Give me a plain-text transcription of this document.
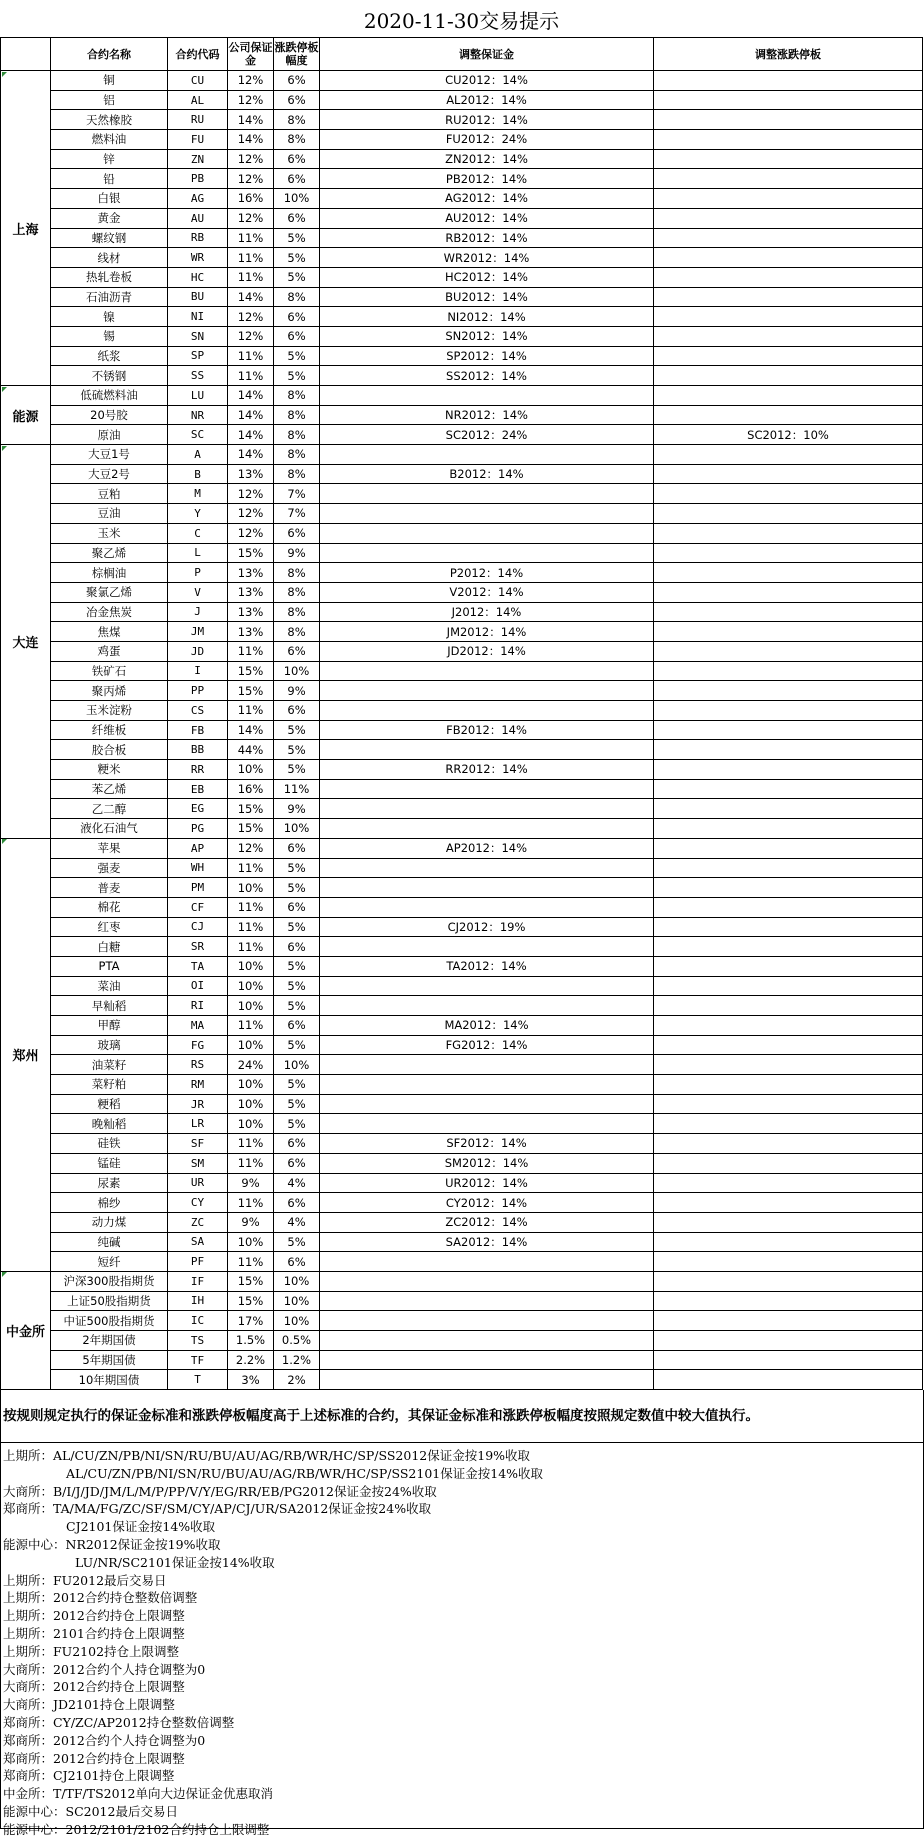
2020-11-30交易提示
	合约名称	合约代码	公司保证金	涨跌停板幅度	调整保证金	调整涨跌停板
上海	铜	CU	12%	6%	CU2012：14%	
	铝	AL	12%	6%	AL2012：14%	
	天然橡胶	RU	14%	8%	RU2012：14%	
	燃料油	FU	14%	8%	FU2012：24%	
	锌	ZN	12%	6%	ZN2012：14%	
	铅	PB	12%	6%	PB2012：14%	
	白银	AG	16%	10%	AG2012：14%	
	黄金	AU	12%	6%	AU2012：14%	
	螺纹钢	RB	11%	5%	RB2012：14%	
	线材	WR	11%	5%	WR2012：14%	
	热轧卷板	HC	11%	5%	HC2012：14%	
	石油沥青	BU	14%	8%	BU2012：14%	
	镍	NI	12%	6%	NI2012：14%	
	锡	SN	12%	6%	SN2012：14%	
	纸浆	SP	11%	5%	SP2012：14%	
	不锈钢	SS	11%	5%	SS2012：14%	
能源	低硫燃料油	LU	14%	8%		
	20号胶	NR	14%	8%	NR2012：14%	
	原油	SC	14%	8%	SC2012：24%	SC2012：10%
大连	大豆1号	A	14%	8%		
	大豆2号	B	13%	8%	B2012：14%	
	豆粕	M	12%	7%		
	豆油	Y	12%	7%		
	玉米	C	12%	6%		
	聚乙烯	L	15%	9%		
	棕榈油	P	13%	8%	P2012：14%	
	聚氯乙烯	V	13%	8%	V2012：14%	
	冶金焦炭	J	13%	8%	J2012：14%	
	焦煤	JM	13%	8%	JM2012：14%	
	鸡蛋	JD	11%	6%	JD2012：14%	
	铁矿石	I	15%	10%		
	聚丙烯	PP	15%	9%		
	玉米淀粉	CS	11%	6%		
	纤维板	FB	14%	5%	FB2012：14%	
	胶合板	BB	44%	5%		
	粳米	RR	10%	5%	RR2012：14%	
	苯乙烯	EB	16%	11%		
	乙二醇	EG	15%	9%		
	液化石油气	PG	15%	10%		
郑州	苹果	AP	12%	6%	AP2012：14%	
	强麦	WH	11%	5%		
	普麦	PM	10%	5%		
	棉花	CF	11%	6%		
	红枣	CJ	11%	5%	CJ2012：19%	
	白糖	SR	11%	6%		
	PTA	TA	10%	5%	TA2012：14%	
	菜油	OI	10%	5%		
	早籼稻	RI	10%	5%		
	甲醇	MA	11%	6%	MA2012：14%	
	玻璃	FG	10%	5%	FG2012：14%	
	油菜籽	RS	24%	10%		
	菜籽粕	RM	10%	5%		
	粳稻	JR	10%	5%		
	晚籼稻	LR	10%	5%		
	硅铁	SF	11%	6%	SF2012：14%	
	锰硅	SM	11%	6%	SM2012：14%	
	尿素	UR	9%	4%	UR2012：14%	
	棉纱	CY	11%	6%	CY2012：14%	
	动力煤	ZC	9%	4%	ZC2012：14%	
	纯碱	SA	10%	5%	SA2012：14%	
	短纤	PF	11%	6%		
中金所	沪深300股指期货	IF	15%	10%		
	上证50股指期货	IH	15%	10%		
	中证500股指期货	IC	17%	10%		
	2年期国债	TS	1.5%	0.5%		
	5年期国债	TF	2.2%	1.2%		
	10年期国债	T	3%	2%		
按规则规定执行的保证金标准和涨跌停板幅度高于上述标准的合约，其保证金标准和涨跌停板幅度按照规定数值中较大值执行。
上期所：AL/CU/ZN/PB/NI/SN/RU/BU/AU/AG/RB/WR/HC/SP/SS2012保证金按19%收取
AL/CU/ZN/PB/NI/SN/RU/BU/AU/AG/RB/WR/HC/SP/SS2101保证金按14%收取
大商所：B/I/J/JD/JM/L/M/P/PP/V/Y/EG/RR/EB/PG2012保证金按24%收取
郑商所：TA/MA/FG/ZC/SF/SM/CY/AP/CJ/UR/SA2012保证金按24%收取
CJ2101保证金按14%收取
能源中心：NR2012保证金按19%收取
LU/NR/SC2101保证金按14%收取
上期所：FU2012最后交易日
上期所：2012合约持仓整数倍调整
上期所：2012合约持仓上限调整
上期所：2101合约持仓上限调整
上期所：FU2102持仓上限调整
大商所：2012合约个人持仓调整为0
大商所：2012合约持仓上限调整
大商所：JD2101持仓上限调整
郑商所：CY/ZC/AP2012持仓整数倍调整
郑商所：2012合约个人持仓调整为0
郑商所：2012合约持仓上限调整
郑商所：CJ2101持仓上限调整
中金所：T/TF/TS2012单向大边保证金优惠取消
能源中心：SC2012最后交易日
能源中心：2012/2101/2102合约持仓上限调整
